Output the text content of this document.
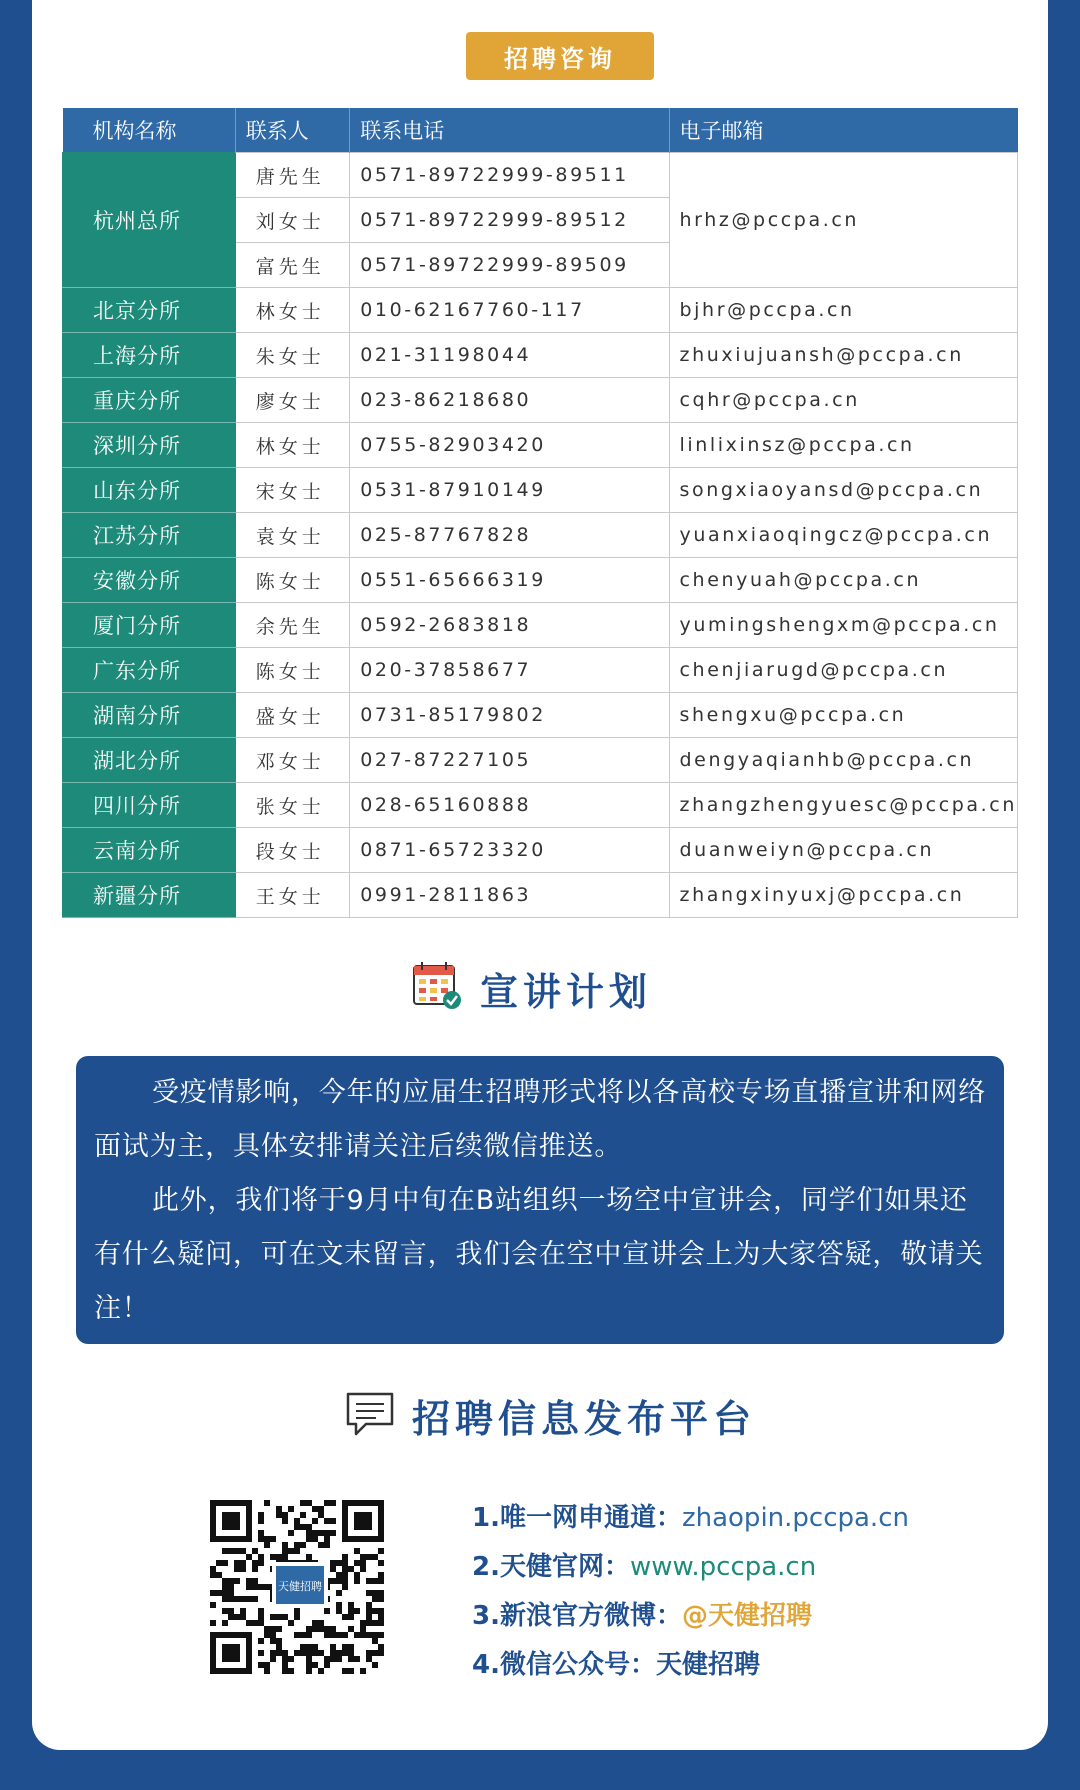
招聘咨询
机构名称	联系人	联系电话	电子邮箱
杭州总所	唐先生	0571-89722999-89511	hrhz@pccpa.cn
	刘女士	0571-89722999-89512	
	富先生	0571-89722999-89509	
北京分所	林女士	010-62167760-117	bjhr@pccpa.cn
上海分所	朱女士	021-31198044	zhuxiujuansh@pccpa.cn
重庆分所	廖女士	023-86218680	cqhr@pccpa.cn
深圳分所	林女士	0755-82903420	linlixinsz@pccpa.cn
山东分所	宋女士	0531-87910149	songxiaoyansd@pccpa.cn
江苏分所	袁女士	025-87767828	yuanxiaoqingcz@pccpa.cn
安徽分所	陈女士	0551-65666319	chenyuah@pccpa.cn
厦门分所	余先生	0592-2683818	yumingshengxm@pccpa.cn
广东分所	陈女士	020-37858677	chenjiarugd@pccpa.cn
湖南分所	盛女士	0731-85179802	shengxu@pccpa.cn
湖北分所	邓女士	027-87227105	dengyaqianhb@pccpa.cn
四川分所	张女士	028-65160888	zhangzhengyuesc@pccpa.cn
云南分所	段女士	0871-65723320	duanweiyn@pccpa.cn
新疆分所	王女士	0991-2811863	zhangxinyuxj@pccpa.cn
宣讲计划

受疫情影响，今年的应届生招聘形式将以各高校专场直播宣讲和网络面试为主，具体安排请关注后续微信推送。

此外，我们将于9月中旬在B站组织一场空中宣讲会，同学们如果还有什么疑问，可在文末留言，我们会在空中宣讲会上为大家答疑，敬请关注！

招聘信息发布平台
天健招聘
1.唯一网申通道：zhaopin.pccpa.cn
2.天健官网：www.pccpa.cn
3.新浪官方微博：@天健招聘
4.微信公众号：天健招聘
